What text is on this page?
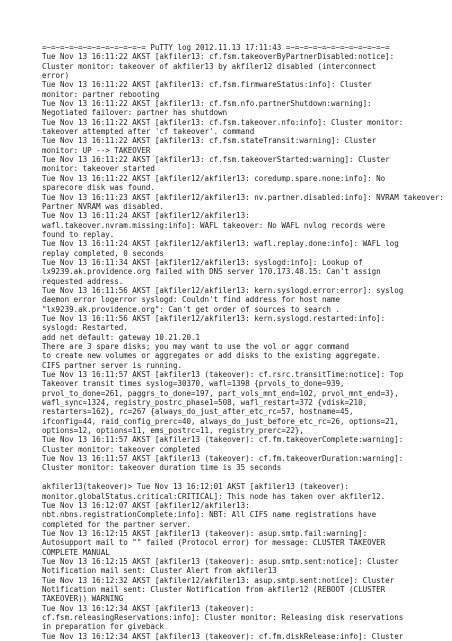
=~=~=~=~=~=~=~=~=~=~=~= PuTTY log 2012.11.13 17:11:43 =~=~=~=~=~=~=~=~=~=~=~=
Tue Nov 13 16:11:22 AKST [akfiler13: cf.fsm.takeoverByPartnerDisabled:notice]:
Cluster monitor: takeover of akfiler13 by akfiler12 disabled (interconnect
error)
Tue Nov 13 16:11:22 AKST [akfiler13: cf.fsm.firmwareStatus:info]: Cluster
monitor: partner rebooting
Tue Nov 13 16:11:22 AKST [akfiler13: cf.fsm.nfo.partnerShutdown:warning]:
Negotiated failover: partner has shutdown
Tue Nov 13 16:11:22 AKST [akfiler13: cf.fsm.takeover.nfo:info]: Cluster monitor:
takeover attempted after 'cf takeover'. command
Tue Nov 13 16:11:22 AKST [akfiler13: cf.fsm.stateTransit:warning]: Cluster
monitor: UP --> TAKEOVER
Tue Nov 13 16:11:22 AKST [akfiler13: cf.fsm.takeoverStarted:warning]: Cluster
monitor: takeover started
Tue Nov 13 16:11:22 AKST [akfiler12/akfiler13: coredump.spare.none:info]: No
sparecore disk was found.
Tue Nov 13 16:11:23 AKST [akfiler12/akfiler13: nv.partner.disabled:info]: NVRAM takeover:
Partner NVRAM was disabled.
Tue Nov 13 16:11:24 AKST [akfiler12/akfiler13:
wafl.takeover.nvram.missing:info]: WAFL takeover: No WAFL nvlog records were
found to replay.
Tue Nov 13 16:11:24 AKST [akfiler12/akfiler13: wafl.replay.done:info]: WAFL log
replay completed, 0 seconds
Tue Nov 13 16:11:34 AKST [akfiler12/akfiler13: syslogd:info]: Lookup of
lx9239.ak.providence.org failed with DNS server 170.173.48.15: Can't assign
requested address.
Tue Nov 13 16:11:56 AKST [akfiler12/akfiler13: kern.syslogd.error:error]: syslog
daemon error logerror syslogd: Couldn't find address for host name
"lx9239.ak.providence.org": Can't get order of sources to search .
Tue Nov 13 16:11:56 AKST [akfiler12/akfiler13: kern.syslogd.restarted:info]:
syslogd: Restarted.
add net default: gateway 10.21.20.1
There are 3 spare disks; you may want to use the vol or aggr command
to create new volumes or aggregates or add disks to the existing aggregate.
CIFS partner server is running.
Tue Nov 13 16:11:57 AKST [akfiler13 (takeover): cf.rsrc.transitTime:notice]: Top
Takeover transit times syslog=30370, wafl=1398 {prvols_to_done=939,
prvol_to_done=261, paggrs_to_done=197, part_vols_mnt_end=102, prvol_mnt_end=3},
wafl_sync=1324, registry_postrc_phase1=508, wafl_restart=372 {vdisk=210,
restarters=162}, rc=267 {always_do_just_after_etc_rc=57, hostname=45,
ifconfig=44, raid_config_prerc=40, always_do_just_before_etc_rc=26, options=21,
options=12, options=11, ems_postrc=11, registry_prerc=22},
Tue Nov 13 16:11:57 AKST [akfiler13 (takeover): cf.fm.takeoverComplete:warning]:
Cluster monitor: takeover completed
Tue Nov 13 16:11:57 AKST [akfiler13 (takeover): cf.fm.takeoverDuration:warning]:
Cluster monitor: takeover duration time is 35 seconds
akfiler13(takeover)> Tue Nov 13 16:12:01 AKST [akfiler13 (takeover):
monitor.globalStatus.critical:CRITICAL]: This node has taken over akfiler12.
Tue Nov 13 16:12:07 AKST [akfiler12/akfiler13:
nbt.nbns.registrationComplete:info]: NBT: All CIFS name registrations have
completed for the partner server.
Tue Nov 13 16:12:15 AKST [akfiler13 (takeover): asup.smtp.fail:warning]:
Autosupport mail to "" failed (Protocol error) for message: CLUSTER TAKEOVER
COMPLETE MANUAL
Tue Nov 13 16:12:15 AKST [akfiler13 (takeover): asup.smtp.sent:notice]: Cluster
Notification mail sent: Cluster Alert from akfiler13
Tue Nov 13 16:12:32 AKST [akfiler12/akfiler13: asup.smtp.sent:notice]: Cluster
Notification mail sent: Cluster Notification from akfiler12 (REBOOT (CLUSTER
TAKEOVER)) WARNING
Tue Nov 13 16:12:34 AKST [akfiler13 (takeover):
cf.fsm.releasingReservations:info]: Cluster monitor: Releasing disk reservations
in preparation for giveback
Tue Nov 13 16:12:34 AKST [akfiler13 (takeover): cf.fm.diskRelease:info]: Cluster
